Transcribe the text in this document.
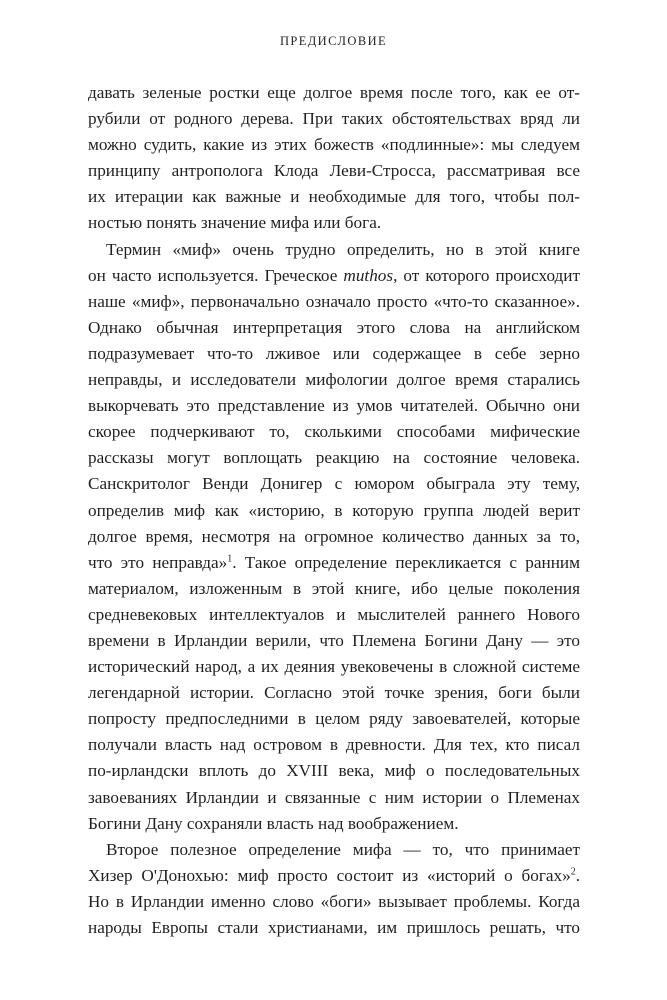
ПРЕДИСЛОВИЕ
давать зеленые ростки еще долгое время после того, как ее от-
рубили от родного дерева. При таких обстоятельствах вряд ли
можно судить, какие из этих божеств «подлинные»: мы следуем
принципу антрополога Клода Леви-Стросса, рассматривая все
их итерации как важные и необходимые для того, чтобы пол-
ностью понять значение мифа или бога.
Термин «миф» очень трудно определить, но в этой книге
он часто используется. Греческое muthos, от которого происходит
наше «миф», первоначально означало просто «что-то сказанное».
Однако обычная интерпретация этого слова на английском
подразумевает что-то лживое или содержащее в себе зерно
неправды, и исследователи мифологии долгое время старались
выкорчевать это представление из умов читателей. Обычно они
скорее подчеркивают то, сколькими способами мифические
рассказы могут воплощать реакцию на состояние человека.
Санскритолог Венди Донигер с юмором обыграла эту тему,
определив миф как «историю, в которую группа людей верит
долгое время, несмотря на огромное количество данных за то,
что это неправда»$^1$. Такое определение перекликается с ранним
материалом, изложенным в этой книге, ибо целые поколения
средневековых интеллектуалов и мыслителей раннего Нового
времени в Ирландии верили, что Племена Богини Дану — это
исторический народ, а их деяния увековечены в сложной системе
легендарной истории. Согласно этой точке зрения, боги были
попросту предпоследними в целом ряду завоевателей, которые
получали власть над островом в древности. Для тех, кто писал
по-ирландски вплоть до XVIII века, миф о последовательных
завоеваниях Ирландии и связанные с ним истории о Племенах
Богини Дану сохраняли власть над воображением.
Второе полезное определение мифа — то, что принимает
Хизер О'Донохью: миф просто состоит из «историй о богах»$^2$.
Но в Ирландии именно слово «боги» вызывает проблемы. Когда
народы Европы стали христианами, им пришлось решать, что
